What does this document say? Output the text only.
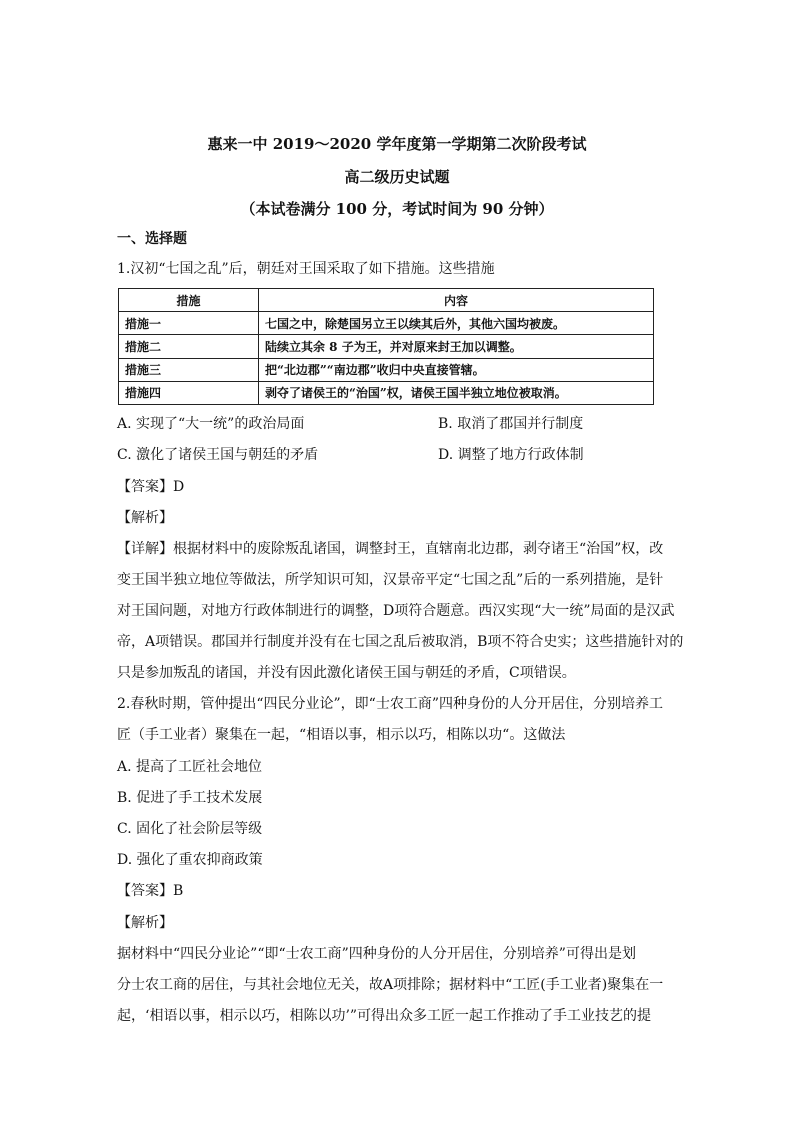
惠来一中 2019～2020 学年度第一学期第二次阶段考试
高二级历史试题
（本试卷满分 100 分，考试时间为 90 分钟）
一、选择题
1.汉初“七国之乱”后，朝廷对王国采取了如下措施。这些措施
措施	内容
措施一	七国之中，除楚国另立王以续其后外，其他六国均被废。
措施二	陆续立其余 8 子为王，并对原来封王加以调整。
措施三	把“北边郡”“南边郡”收归中央直接管辖。
措施四	剥夺了诸侯王的“治国”权，诸侯王国半独立地位被取消。
A. 实现了“大一统”的政治局面	B. 取消了郡国并行制度
C. 激化了诸侯王国与朝廷的矛盾	D. 调整了地方行政体制
【答案】D
【解析】
【详解】根据材料中的废除叛乱诸国，调整封王，直辖南北边郡，剥夺诸王“治国”权，改
变王国半独立地位等做法，所学知识可知，汉景帝平定“七国之乱”后的一系列措施，是针
对王国问题，对地方行政体制进行的调整，D项符合题意。西汉实现“大一统”局面的是汉武
帝，A项错误。郡国并行制度并没有在七国之乱后被取消，B项不符合史实；这些措施针对的
只是参加叛乱的诸国，并没有因此激化诸侯王国与朝廷的矛盾，C项错误。
2.春秋时期，管仲提出“四民分业论”，即“士农工商”四种身份的人分开居住，分别培养工
匠（手工业者）聚集在一起，“相语以事，相示以巧，相陈以功“。这做法
A. 提高了工匠社会地位
B. 促进了手工技术发展
C. 固化了社会阶层等级
D. 强化了重农抑商政策
【答案】B
【解析】
据材料中“四民分业论”“即“士农工商”四种身份的人分开居住，分别培养”可得出是划
分士农工商的居住，与其社会地位无关，故A项排除；据材料中“工匠(手工业者)聚集在一
起，‘相语以事，相示以巧，相陈以功’”可得出众多工匠一起工作推动了手工业技艺的提
